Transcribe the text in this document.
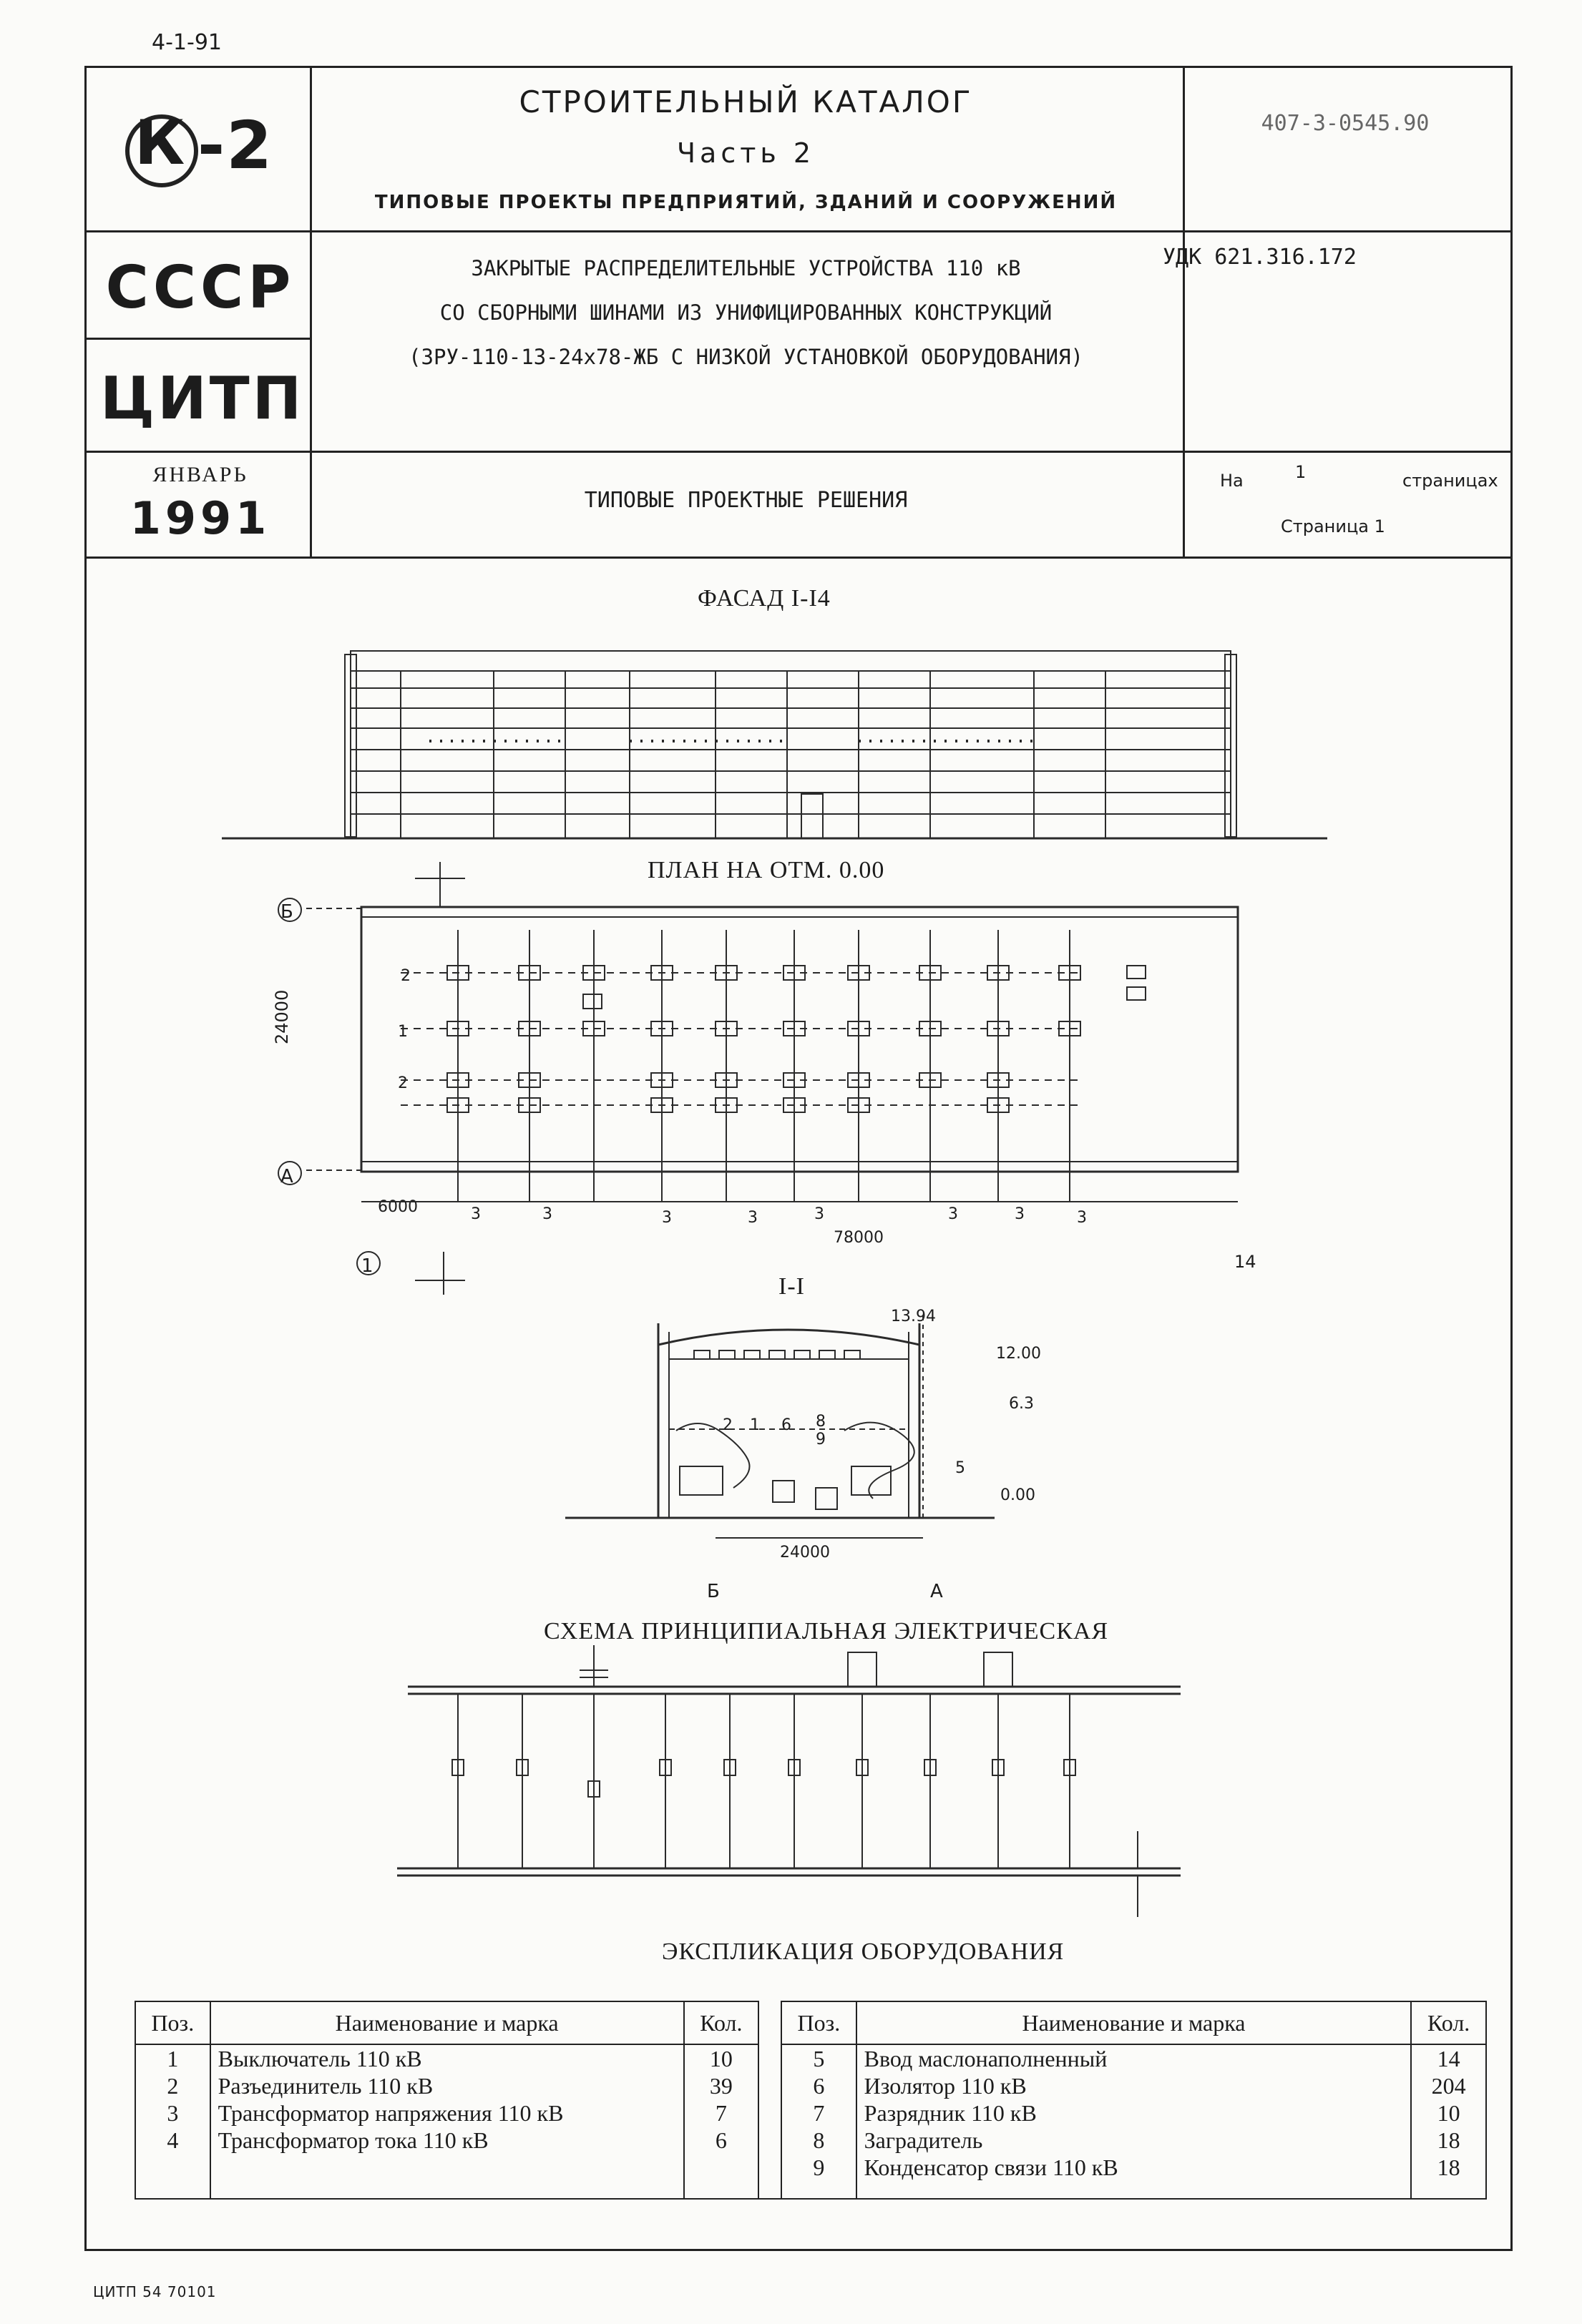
4-1-91
К -2
СССР
ЦИТП
ЯНВАРЬ
1991
СТРОИТЕЛЬНЫЙ КАТАЛОГ
Часть 2
ТИПОВЫЕ ПРОЕКТЫ ПРЕДПРИЯТИЙ, ЗДАНИЙ И СООРУЖЕНИЙ
407-3-0545.90
УДК 621.316.172
ЗАКРЫТЫЕ РАСПРЕДЕЛИТЕЛЬНЫЕ УСТРОЙСТВА 110 кВ
СО СБОРНЫМИ ШИНАМИ ИЗ УНИФИЦИРОВАННЫХ КОНСТРУКЦИЙ
(ЗРУ-110-13-24х78-ЖБ С НИЗКОЙ УСТАНОВКОЙ ОБОРУДОВАНИЯ)
ТИПОВЫЕ ПРОЕКТНЫЕ РЕШЕНИЯ
На	1	страницах
Страница 1
ФАСАД I-I4
ПЛАН НА ОТМ. 0.00
I-I
СХЕМА ПРИНЦИПИАЛЬНАЯ ЭЛЕКТРИЧЕСКАЯ
ЭКСПЛИКАЦИЯ ОБОРУДОВАНИЯ
Б
А
1	14
24000
6000
78000
2
1
2
3	3	3	3	3	3	3	3
13.94
12.00
6.3
0.00
24000
2 1 6 8
9
5
Б	А
Поз.	Наименование и марка	Кол.		Поз.	Наименование и марка	Кол.
1	Выключатель 110 кВ	10		5	Ввод маслонаполненный	14
2	Разъединитель 110 кВ	39		6	Изолятор 110 кВ	204
3	Трансформатор напряжения 110 кВ	7		7	Разрядник 110 кВ	10
4	Трансформатор тока 110 кВ	6		8	Заградитель	18
				9	Конденсатор связи 110 кВ	18
ЦИТП 54 70101
